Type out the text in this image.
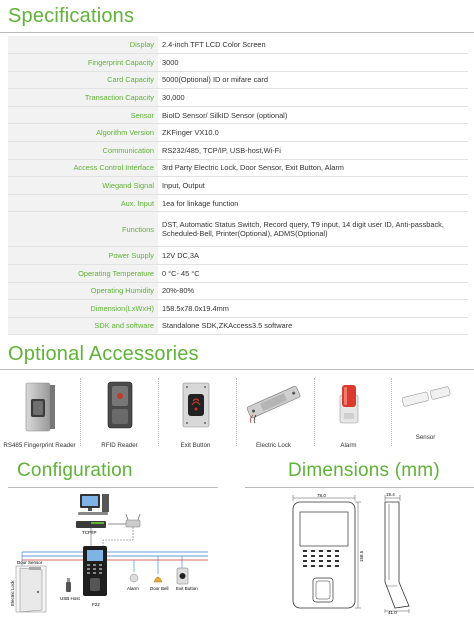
Specifications
Display	2.4-inch TFT LCD Color Screen
Fingerprint Capacity	3000
Card Capacity	5000(Optional) ID or mifare card
Transaction Capacity	30,000
Sensor	BioID Sensor/ SilkID Sensor (optional)
Algorithm Version	ZKFinger VX10.0
Communication	RS232/485, TCP/IP, USB-host,Wi-Fi
Access Control Interface	3rd Party Electric Lock, Door Sensor, Exit Button, Alarm
Wiegand Signal	Input, Output
Aux. Input	1ea for linkage function
Functions	DST, Automatic Status Switch, Record query, T9 input, 14 digit user ID, Anti-passback, Scheduled-Bell, Printer(Optional), ADMS(Optional)
Power Supply	12V DC,3A
Operating Temperature	0 °C- 45 °C
Operating Humidity	20%-80%
Dimension(LxWxH)	158.5x78.0x19.4mm
SDK and software	Standalone SDK,ZKAccess3.5 software
Optional Accessories
RS485 Fingerprint Reader	RFID Reader	Exit Button	Electric Lock	Alarm
Sensor
Configuration
TCP/IP
Door Sensor
Electric Lock	USB Host
F22
Alarm Door Bell Exit Button
Dimensions (mm)
78.0
158.5
19.4
41.0
